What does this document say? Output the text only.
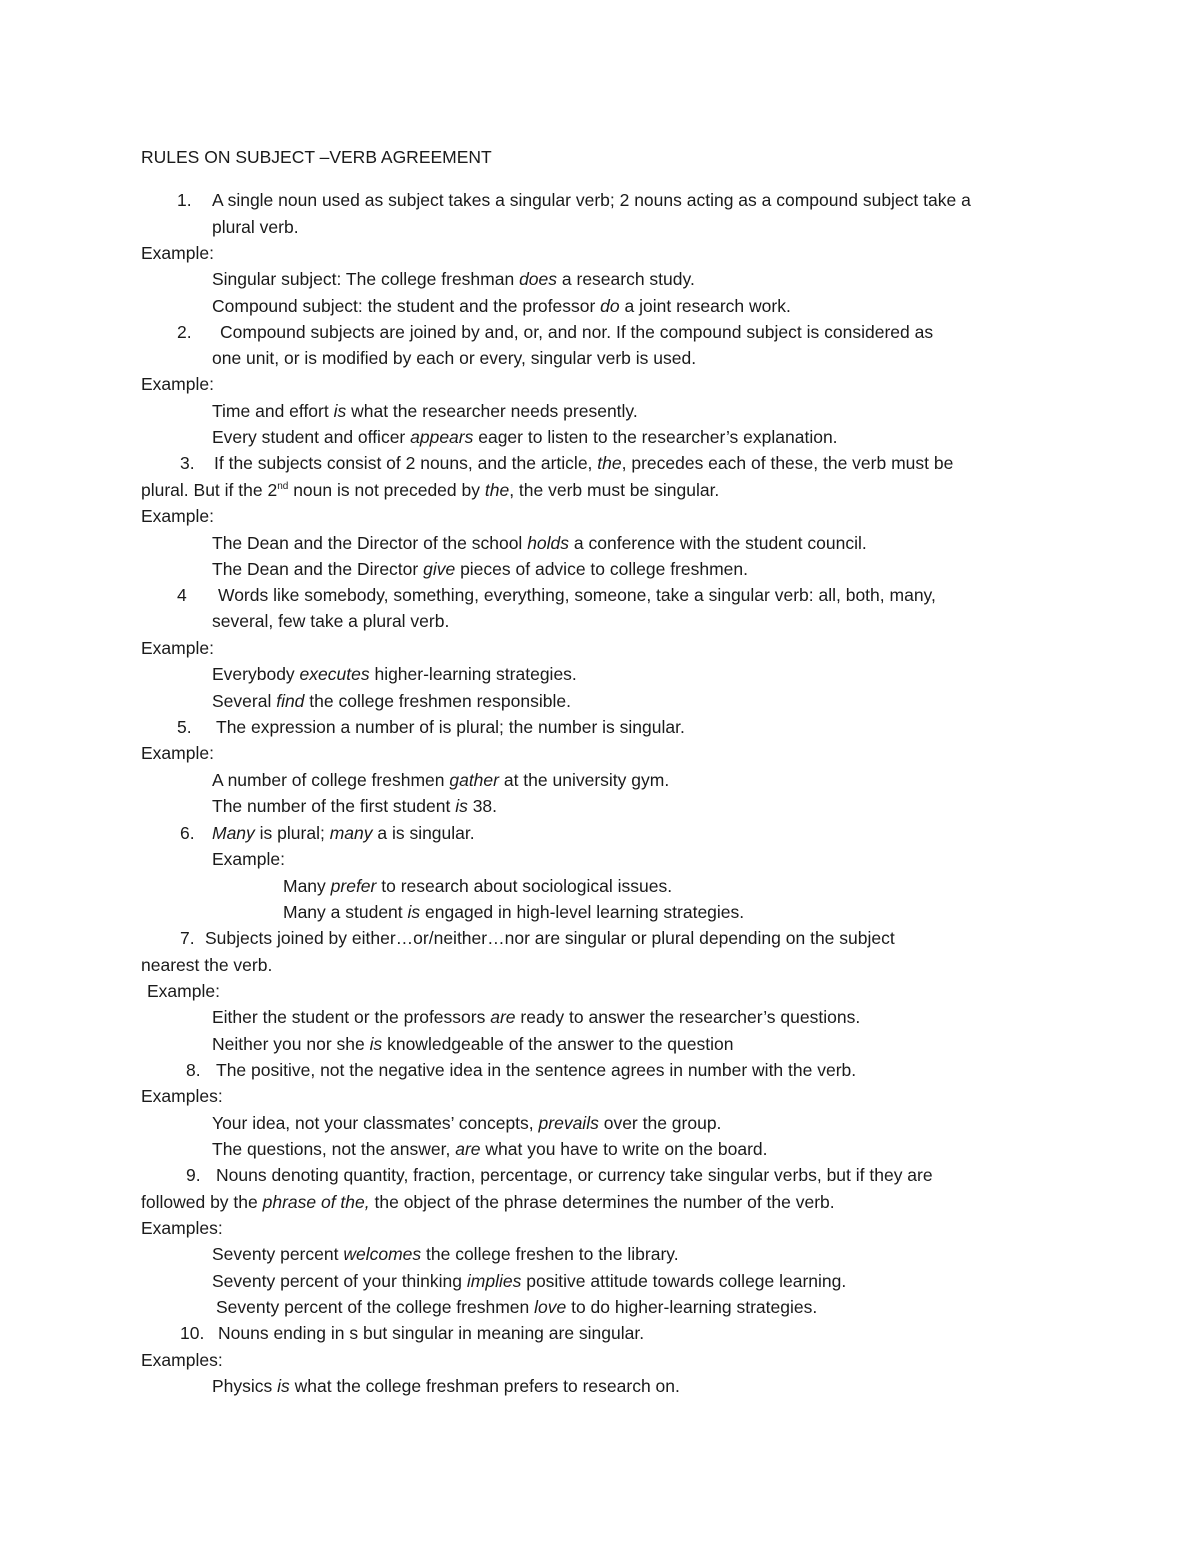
RULES ON SUBJECT –VERB AGREEMENT
1. A single noun used as subject takes a singular verb; 2 nouns acting as a compound subject take a
plural verb.
Example:
Singular subject: The college freshman does a research study.
Compound subject: the student and the professor do a joint research work.
2. Compound subjects are joined by and, or, and nor. If the compound subject is considered as
one unit, or is modified by each or every, singular verb is used.
Example:
Time and effort is what the researcher needs presently.
Every student and officer appears eager to listen to the researcher’s explanation.
3. If the subjects consist of 2 nouns, and the article, the, precedes each of these, the verb must be
plural. But if the 2nd noun is not preceded by the, the verb must be singular.
Example:
The Dean and the Director of the school holds a conference with the student council.
The Dean and the Director give pieces of advice to college freshmen.
4 Words like somebody, something, everything, someone, take a singular verb: all, both, many,
several, few take a plural verb.
Example:
Everybody executes higher-learning strategies.
Several find the college freshmen responsible.
5. The expression a number of is plural; the number is singular.
Example:
A number of college freshmen gather at the university gym.
The number of the first student is 38.
6. Many is plural; many a is singular.
Example:
Many prefer to research about sociological issues.
Many a student is engaged in high-level learning strategies.
7. Subjects joined by either…or/neither…nor are singular or plural depending on the subject
nearest the verb.
Example:
Either the student or the professors are ready to answer the researcher’s questions.
Neither you nor she is knowledgeable of the answer to the question
8. The positive, not the negative idea in the sentence agrees in number with the verb.
Examples:
Your idea, not your classmates’ concepts, prevails over the group.
The questions, not the answer, are what you have to write on the board.
9. Nouns denoting quantity, fraction, percentage, or currency take singular verbs, but if they are
followed by the phrase of the, the object of the phrase determines the number of the verb.
Examples:
Seventy percent welcomes the college freshen to the library.
Seventy percent of your thinking implies positive attitude towards college learning.
Seventy percent of the college freshmen love to do higher-learning strategies.
10. Nouns ending in s but singular in meaning are singular.
Examples:
Physics is what the college freshman prefers to research on.
